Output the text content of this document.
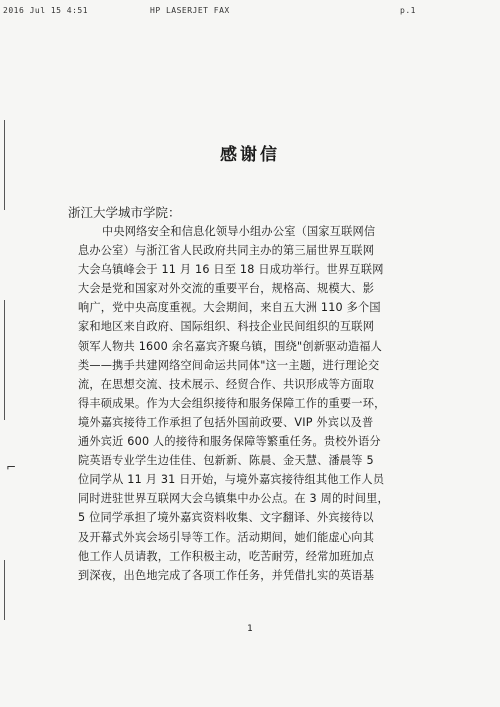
2016 Jul 15 4:51	HP LASERJET FAX	p.1
⌐
感谢信
浙江大学城市学院：
中央网络安全和信息化领导小组办公室（国家互联网信
息办公室）与浙江省人民政府共同主办的第三届世界互联网
大会乌镇峰会于 11 月 16 日至 18 日成功举行。世界互联网
大会是党和国家对外交流的重要平台，规格高、规模大、影
响广，党中央高度重视。大会期间，来自五大洲 110 多个国
家和地区来自政府、国际组织、科技企业民间组织的互联网
领军人物共 1600 余名嘉宾齐聚乌镇，围绕"创新驱动造福人
类——携手共建网络空间命运共同体"这一主题，进行理论交
流，在思想交流、技术展示、经贸合作、共识形成等方面取
得丰硕成果。作为大会组织接待和服务保障工作的重要一环，
境外嘉宾接待工作承担了包括外国前政要、VIP 外宾以及普
通外宾近 600 人的接待和服务保障等繁重任务。贵校外语分
院英语专业学生边佳佳、包新新、陈晨、金天慧、潘晨等 5
位同学从 11 月 31 日开始，与境外嘉宾接待组其他工作人员
同时进驻世界互联网大会乌镇集中办公点。在 3 周的时间里，
5 位同学承担了境外嘉宾资料收集、文字翻译、外宾接待以
及开幕式外宾会场引导等工作。活动期间，她们能虚心向其
他工作人员请教，工作积极主动，吃苦耐劳，经常加班加点
到深夜，出色地完成了各项工作任务，并凭借扎实的英语基
1
